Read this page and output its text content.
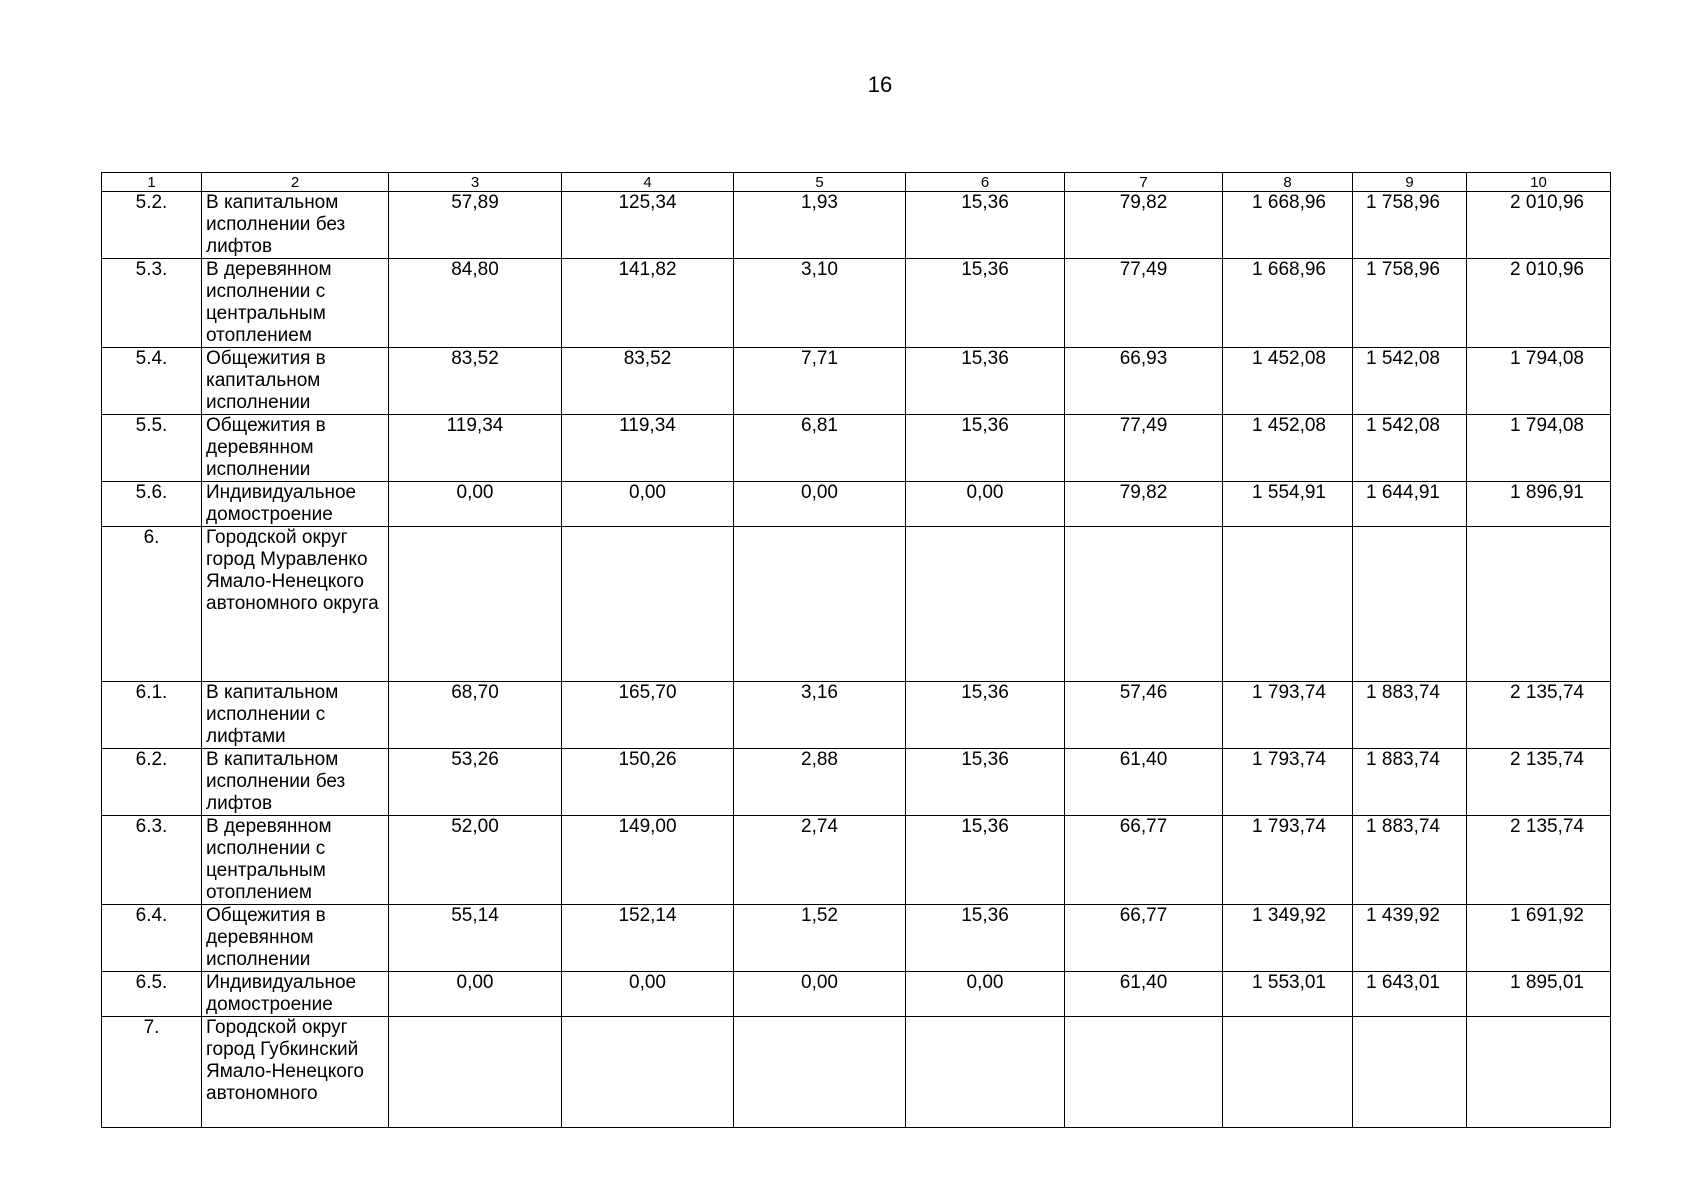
16
1	2	3	4	5	6	7	8	9	10
5.2.	В капитальном исполнении без лифтов	57,89	125,34	1,93	15,36	79,82	1 668,96	1 758,96	2 010,96
5.3.	В деревянном исполнении с центральным отоплением	84,80	141,82	3,10	15,36	77,49	1 668,96	1 758,96	2 010,96
5.4.	Общежития в капитальном исполнении	83,52	83,52	7,71	15,36	66,93	1 452,08	1 542,08	1 794,08
5.5.	Общежития в деревянном исполнении	119,34	119,34	6,81	15,36	77,49	1 452,08	1 542,08	1 794,08
5.6.	Индивидуальное домостроение	0,00	0,00	0,00	0,00	79,82	1 554,91	1 644,91	1 896,91
6.	Городской округ город Муравленко Ямало-Ненецкого автономного округа								
6.1.	В капитальном исполнении с лифтами	68,70	165,70	3,16	15,36	57,46	1 793,74	1 883,74	2 135,74
6.2.	В капитальном исполнении без лифтов	53,26	150,26	2,88	15,36	61,40	1 793,74	1 883,74	2 135,74
6.3.	В деревянном исполнении с центральным отоплением	52,00	149,00	2,74	15,36	66,77	1 793,74	1 883,74	2 135,74
6.4.	Общежития в деревянном исполнении	55,14	152,14	1,52	15,36	66,77	1 349,92	1 439,92	1 691,92
6.5.	Индивидуальное домостроение	0,00	0,00	0,00	0,00	61,40	1 553,01	1 643,01	1 895,01
7.	Городской округ город Губкинский Ямало-Ненецкого автономного								
